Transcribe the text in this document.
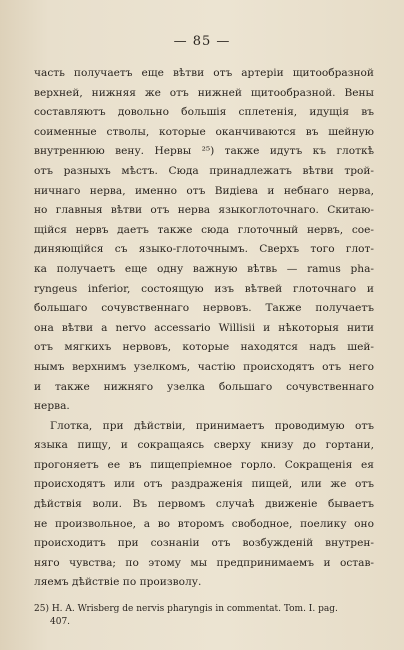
— 85 —
часть получаетъ еще вѣтви отъ артеріи щитообразной
верхней, нижняя же отъ нижней щитообразной. Вены
составляютъ довольно большія сплетенія, идущія въ
соименные стволы, которые оканчиваются въ шейную
внутреннюю вену. Нервы ²⁵) также идутъ къ глоткѣ
отъ разныхъ мѣстъ. Сюда принадлежатъ вѣтви трой-
ничнаго нерва, именно отъ Видіева и небнаго нерва,
но главныя вѣтви отъ нерва языкоглоточнаго. Скитаю-
щійся нервъ даетъ также сюда глоточный нервъ, сое-
диняющійся съ языко-глоточнымъ. Сверхъ того глот-
ка получаетъ еще одну важную вѣтвь — ramus pha-
ryngeus inferior, состоящую изъ вѣтвей глоточнаго и
большаго сочувственнаго нервовъ. Также получаетъ
она вѣтви а nervo accessario Willisii и нѣкоторыя нити
отъ мягкихъ нервовъ, которые находятся надъ шей-
нымъ верхнимъ узелкомъ, частію происходятъ отъ него
и также нижняго узелка большаго сочувственнаго
нерва.
Глотка, при дѣйствіи, принимаетъ проводимую отъ
языка пищу, и сокращаясь сверху книзу до гортани,
прогоняетъ ее въ пищепріемное горло. Сокращенія ея
происходятъ или отъ раздраженія пищей, или же отъ
дѣйствія воли. Въ первомъ случаѣ движеніе бываетъ
не произвольное, а во второмъ свободное, поелику оно
происходитъ при сознаніи отъ возбужденій внутрен-
няго чувства; по этому мы предпринимаемъ и остав-
ляемъ дѣйствіе по произволу.
25) H. A. Wrisberg de nervis pharyngis in commentat. Tom. I. pag.
407.
